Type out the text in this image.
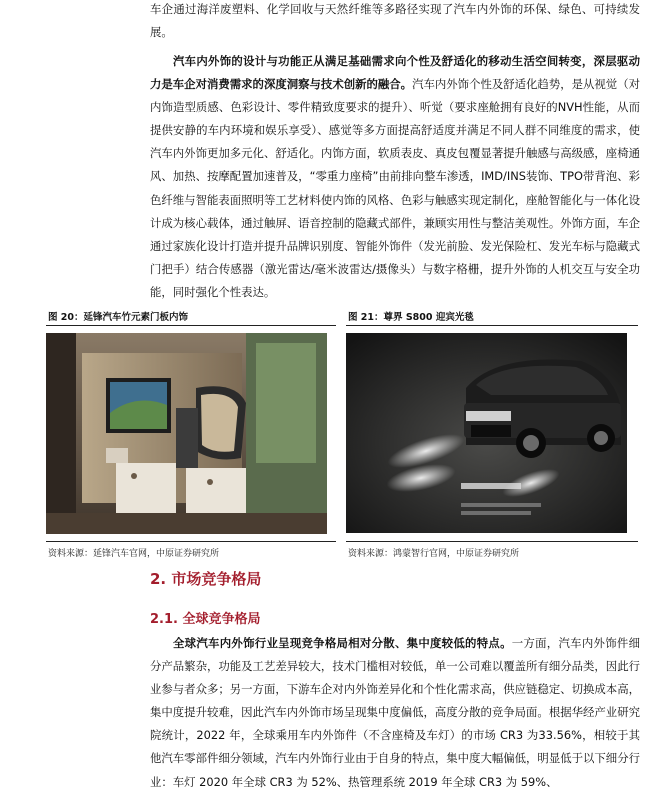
车企通过海洋废塑料、化学回收与天然纤维等多路径实现了汽车内外饰的环保、绿色、可持续发展。

汽车内外饰的设计与功能正从满足基础需求向个性及舒适化的移动生活空间转变，深层驱动力是车企对消费需求的深度洞察与技术创新的融合。汽车内外饰个性及舒适化趋势，是从视觉（对内饰造型质感、色彩设计、零件精致度要求的提升）、听觉（要求座舱拥有良好的NVH性能，从而提供安静的车内环境和娱乐享受）、感觉等多方面提高舒适度并满足不同人群不同维度的需求，使汽车内外饰更加多元化、舒适化。内饰方面，软质表皮、真皮包覆显著提升触感与高级感，座椅通风、加热、按摩配置加速普及，“零重力座椅”由前排向整车渗透，IMD/INS装饰、TPO带背泡、彩色纤维与智能表面照明等工艺材料使内饰的风格、色彩与触感实现定制化，座舱智能化与一体化设计成为核心载体，通过触屏、语音控制的隐藏式部件，兼顾实用性与整洁美观性。外饰方面，车企通过家族化设计打造并提升品牌识别度、智能外饰件（发光前脸、发光保险杠、发光车标与隐藏式门把手）结合传感器（激光雷达/毫米波雷达/摄像头）与数字格栅，提升外饰的人机交互与安全功能，同时强化个性表达。

图 20：延锋汽车竹元素门板内饰
资料来源：延锋汽车官网，中原证券研究所
图 21：尊界 S800 迎宾光毯
资料来源：鸿蒙智行官网，中原证券研究所
2. 市场竞争格局
2.1. 全球竞争格局

全球汽车内外饰行业呈现竞争格局相对分散、集中度较低的特点。一方面，汽车内外饰件细分产品繁杂，功能及工艺差异较大，技术门槛相对较低，单一公司难以覆盖所有细分品类，因此行业参与者众多；另一方面，下游车企对内外饰差异化和个性化需求高，供应链稳定、切换成本高，集中度提升较难，因此汽车内外饰市场呈现集中度偏低，高度分散的竞争局面。根据华经产业研究院统计，2022 年，全球乘用车内外饰件（不含座椅及车灯）的市场 CR3 为33.56%，相较于其他汽车零部件细分领域，汽车内外饰行业由于自身的特点，集中度大幅偏低，明显低于以下细分行业：车灯 2020 年全球 CR3 为 52%、热管理系统 2019 年全球 CR3 为 59%、
